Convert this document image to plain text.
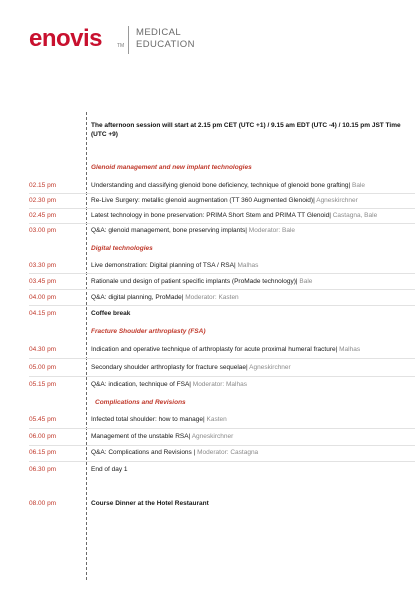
enovis	TM
MEDICAL
EDUCATION
The afternoon session will start at 2.15 pm CET (UTC +1) / 9.15 am EDT (UTC -4) / 10.15 pm JST Time (UTC +9)
Glenoid management and new implant technologies
02.15 pm	Understanding and classifying glenoid bone deficiency, technique of glenoid bone grafting| Bale
02.30 pm	Re-Live Surgery: metallic glenoid augmentation (TT 360 Augmented Glenoid)| Agneskirchner
02.45 pm	Latest technology in bone preservation: PRIMA Short Stem and PRIMA TT Glenoid| Castagna, Bale
03.00 pm	Q&A: glenoid management, bone preserving implants| Moderator: Bale
Digital technologies
03.30 pm	Live demonstration: Digital planning of TSA / RSA| Malhas
03.45 pm	Rationale und design of patient specific implants (ProMade technology)| Bale
04.00 pm	Q&A: digital planning, ProMade| Moderator: Kasten
04.15 pm	Coffee break
Fracture Shoulder arthroplasty (FSA)
04.30 pm	Indication and operative technique of arthroplasty for acute proximal humeral fracture| Malhas
05.00 pm	Secondary shoulder arthroplasty for fracture sequelae| Agneskirchner
05.15 pm	Q&A: indication, technique of FSA| Moderator: Malhas
Complications and Revisions
05.45 pm	Infected total shoulder: how to manage| Kasten
06.00 pm	Management of the unstable RSA| Agneskirchner
06.15 pm	Q&A: Complications and Revisions | Moderator: Castagna
06.30 pm	End of day 1
08.00 pm	Course Dinner at the Hotel Restaurant
